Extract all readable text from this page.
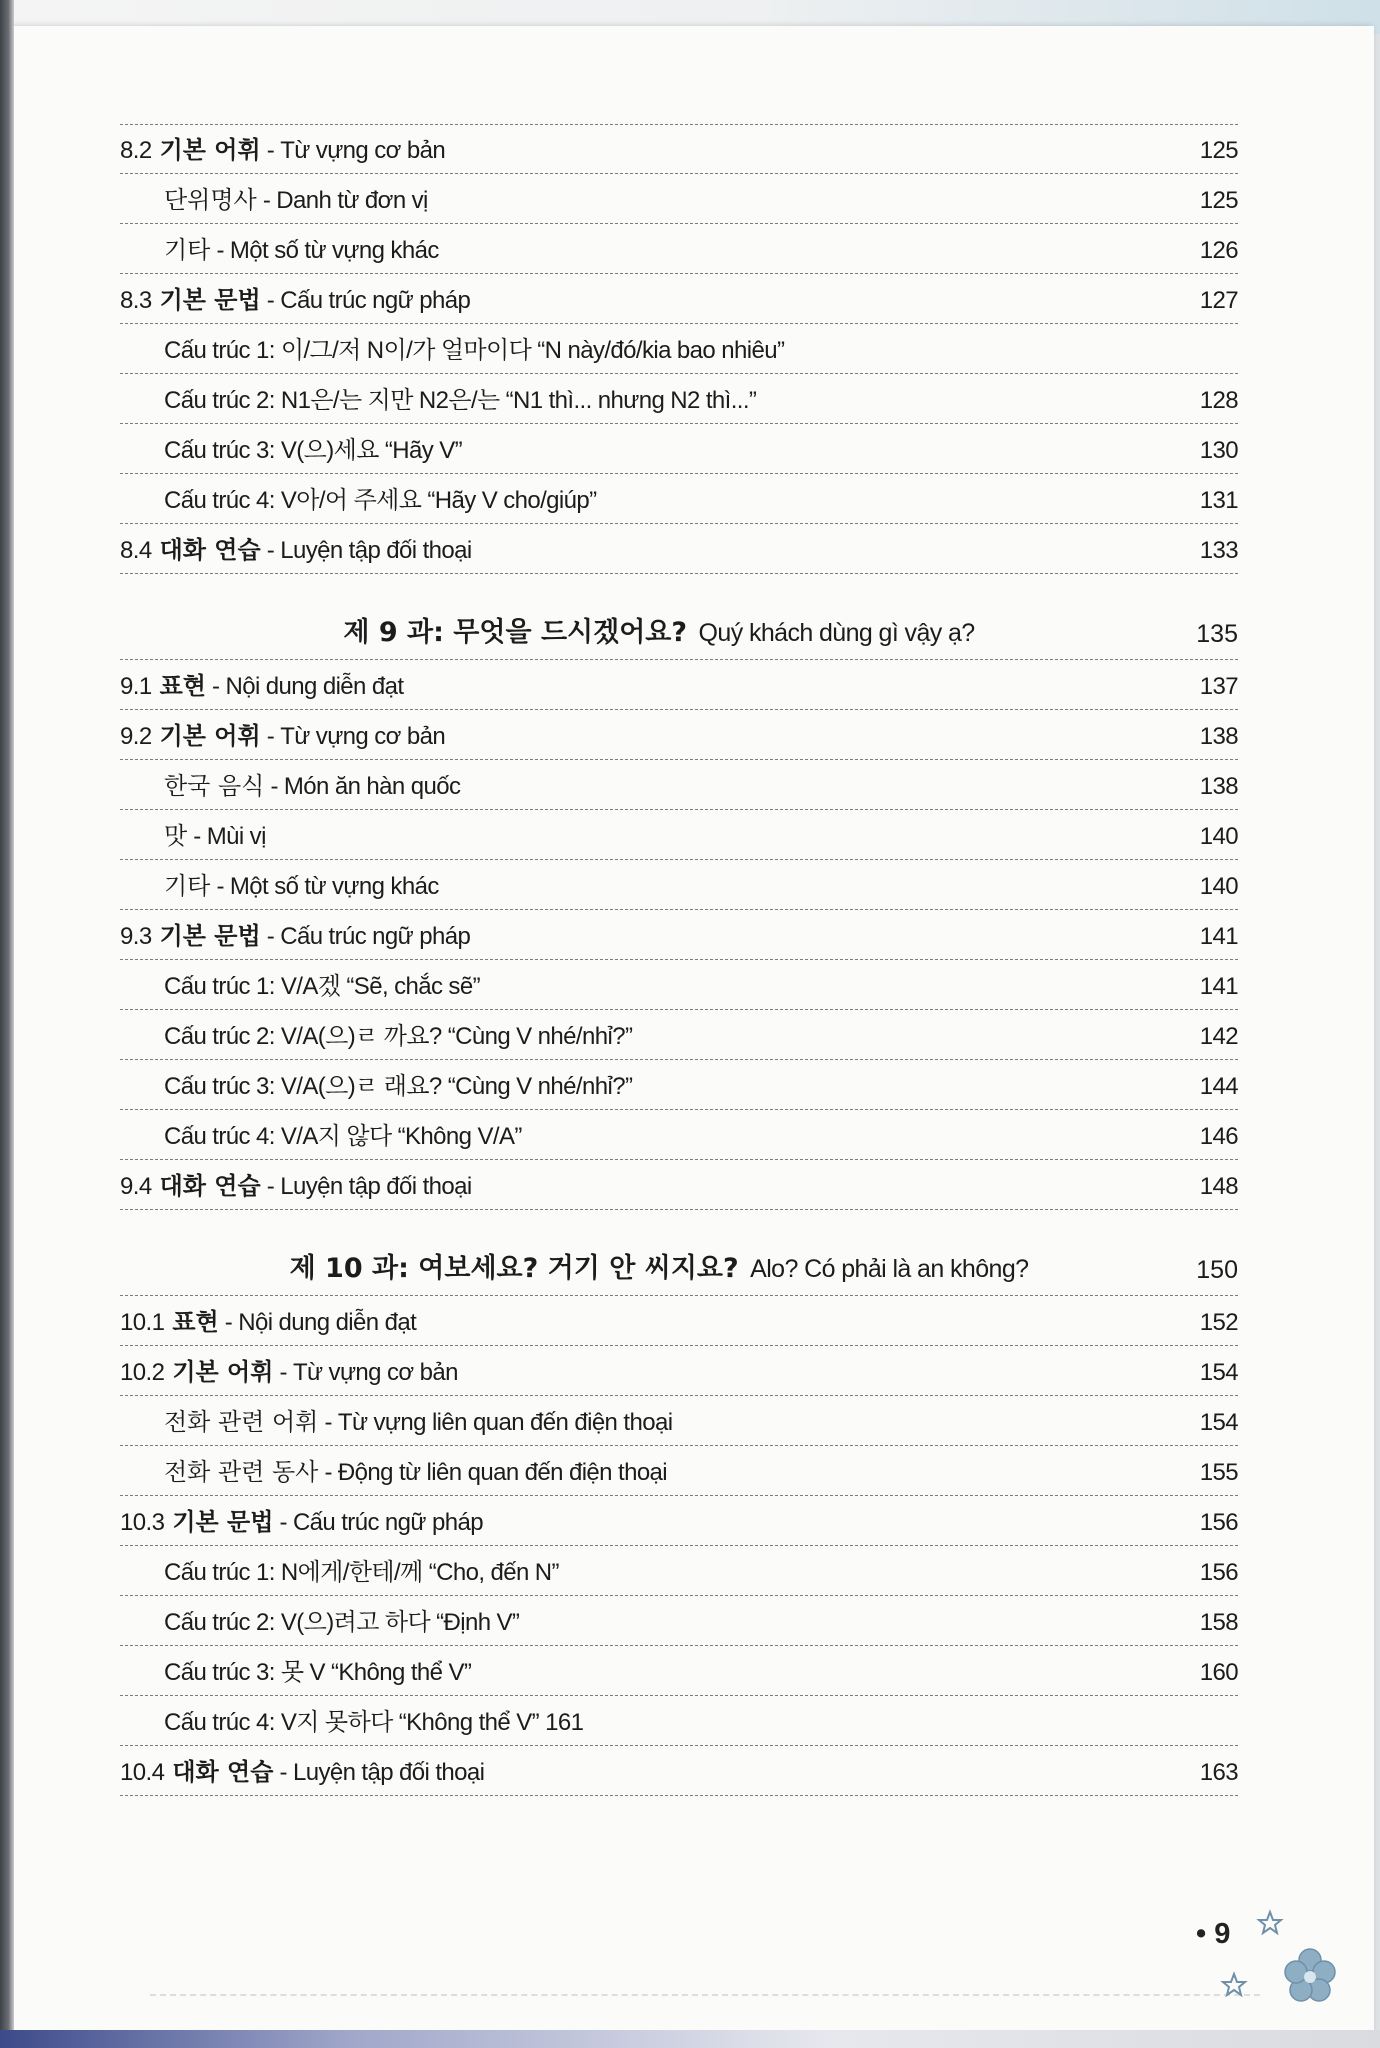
8.2 기본 어휘 - Từ vựng cơ bản	125
단위명사 - Danh từ đơn vị	125
기타 - Một số từ vựng khác	126
8.3 기본 문법 - Cấu trúc ngữ pháp	127
Cấu trúc 1: 이/그/저 N이/가 얼마이다 “N này/đó/kia bao nhiêu”
Cấu trúc 2: N1은/는 지만 N2은/는 “N1 thì... nhưng N2 thì...”	128
Cấu trúc 3: V(으)세요 “Hãy V”	130
Cấu trúc 4: V아/어 주세요 “Hãy V cho/giúp”	131
8.4 대화 연습 - Luyện tập đối thoại	133
제 9 과: 무엇을 드시겠어요? Quý khách dùng gì vậy ạ?	135
9.1 표현 - Nội dung diễn đạt	137
9.2 기본 어휘 - Từ vựng cơ bản	138
한국 음식 - Món ăn hàn quốc	138
맛 - Mùi vị	140
기타 - Một số từ vựng khác	140
9.3 기본 문법 - Cấu trúc ngữ pháp	141
Cấu trúc 1: V/A겠 “Sẽ, chắc sẽ”	141
Cấu trúc 2: V/A(으)ㄹ 까요? “Cùng V nhé/nhỉ?”	142
Cấu trúc 3: V/A(으)ㄹ 래요? “Cùng V nhé/nhỉ?”	144
Cấu trúc 4: V/A지 않다 “Không V/A”	146
9.4 대화 연습 - Luyện tập đối thoại	148
제 10 과: 여보세요? 거기 안 씨지요? Alo? Có phải là an không?	150
10.1 표현 - Nội dung diễn đạt	152
10.2 기본 어휘 - Từ vựng cơ bản	154
전화 관련 어휘 - Từ vựng liên quan đến điện thoại	154
전화 관련 동사 - Động từ liên quan đến điện thoại	155
10.3 기본 문법 - Cấu trúc ngữ pháp	156
Cấu trúc 1: N에게/한테/께 “Cho, đến N”	156
Cấu trúc 2: V(으)려고 하다 “Định V”	158
Cấu trúc 3: 못 V “Không thể V”	160
Cấu trúc 4: V지 못하다 “Không thể V” 161
10.4 대화 연습 - Luyện tập đối thoại	163
• 9
